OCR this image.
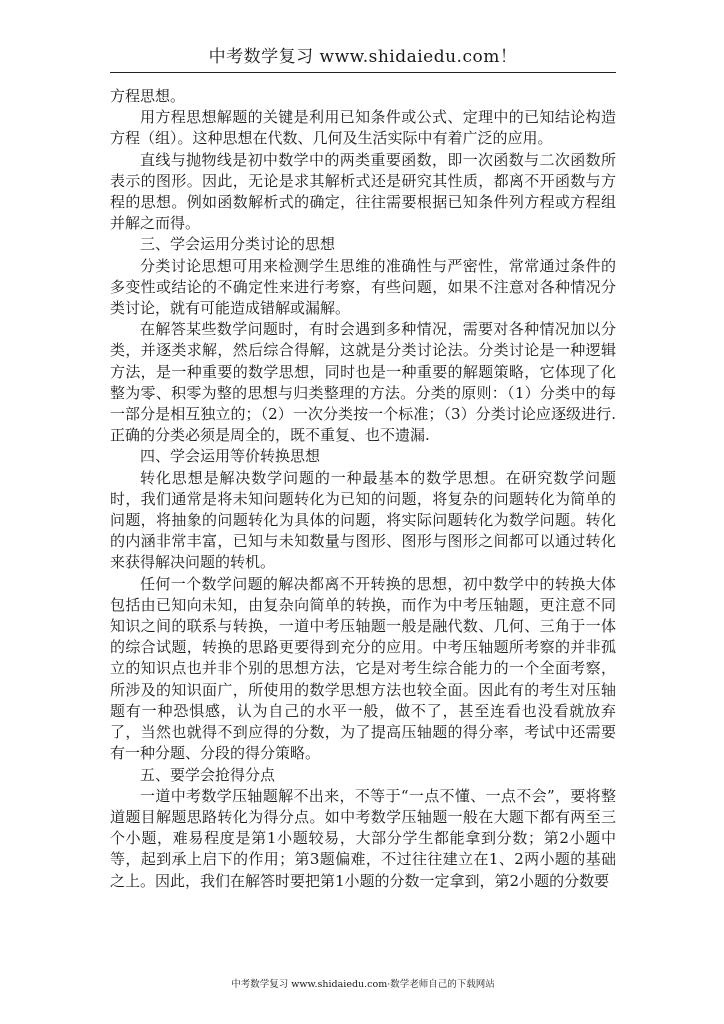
中考数学复习 www.shidaiedu.com！

方程思想。

用方程思想解题的关键是利用已知条件或公式、定理中的已知结论构造方程（组）。这种思想在代数、几何及生活实际中有着广泛的应用。

直线与抛物线是初中数学中的两类重要函数，即一次函数与二次函数所表示的图形。因此，无论是求其解析式还是研究其性质，都离不开函数与方程的思想。例如函数解析式的确定，往往需要根据已知条件列方程或方程组并解之而得。

三、学会运用分类讨论的思想

分类讨论思想可用来检测学生思维的准确性与严密性，常常通过条件的多变性或结论的不确定性来进行考察，有些问题，如果不注意对各种情况分类讨论，就有可能造成错解或漏解。

在解答某些数学问题时，有时会遇到多种情况，需要对各种情况加以分类，并逐类求解，然后综合得解，这就是分类讨论法。分类讨论是一种逻辑方法，是一种重要的数学思想，同时也是一种重要的解题策略，它体现了化整为零、积零为整的思想与归类整理的方法。分类的原则：（1）分类中的每一部分是相互独立的；（2）一次分类按一个标准；（3）分类讨论应逐级进行.正确的分类必须是周全的，既不重复、也不遗漏.

四、学会运用等价转换思想

转化思想是解决数学问题的一种最基本的数学思想。在研究数学问题时，我们通常是将未知问题转化为已知的问题，将复杂的问题转化为简单的问题，将抽象的问题转化为具体的问题，将实际问题转化为数学问题。转化的内涵非常丰富，已知与未知数量与图形、图形与图形之间都可以通过转化来获得解决问题的转机。

任何一个数学问题的解决都离不开转换的思想，初中数学中的转换大体包括由已知向未知，由复杂向简单的转换，而作为中考压轴题，更注意不同知识之间的联系与转换，一道中考压轴题一般是融代数、几何、三角于一体的综合试题，转换的思路更要得到充分的应用。中考压轴题所考察的并非孤立的知识点也并非个别的思想方法，它是对考生综合能力的一个全面考察，所涉及的知识面广，所使用的数学思想方法也较全面。因此有的考生对压轴题有一种恐惧感，认为自己的水平一般，做不了，甚至连看也没看就放弃了，当然也就得不到应得的分数，为了提高压轴题的得分率，考试中还需要有一种分题、分段的得分策略。

五、要学会抢得分点

一道中考数学压轴题解不出来，不等于“一点不懂、一点不会”，要将整道题目解题思路转化为得分点。如中考数学压轴题一般在大题下都有两至三个小题，难易程度是第1小题较易，大部分学生都能拿到分数；第2小题中等，起到承上启下的作用；第3题偏难，不过往往建立在1、2两小题的基础之上。因此，我们在解答时要把第1小题的分数一定拿到，第2小题的分数要

中考数学复习 www.shidaiedu.com·数学老师自己的下载网站
